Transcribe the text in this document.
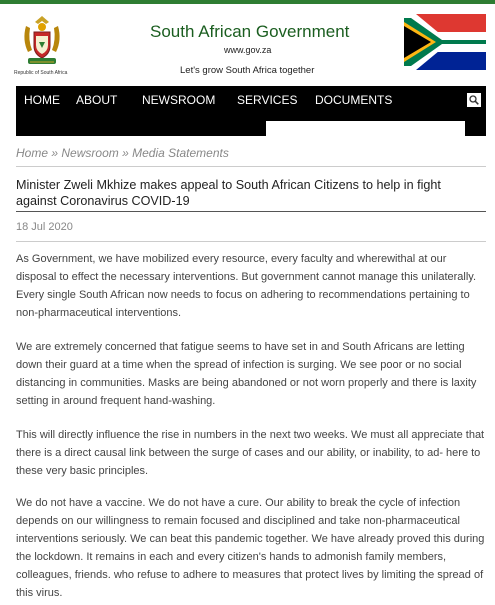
Republic of South Africa
South African Government
www.gov.za
Let's grow South Africa together
HOME ABOUT NEWSROOM SERVICES DOCUMENTS
Home » Newsroom » Media Statements
Minister Zweli Mkhize makes appeal to South African Citizens to help in fight against Coronavirus COVID-19
18 Jul 2020

As Government, we have mobilized every resource, every faculty and wherewithal at our disposal to effect the necessary interventions. But government cannot manage this unilaterally. Every single South African now needs to focus on adhering to recommendations pertaining to non-pharmaceutical interventions.

We are extremely concerned that fatigue seems to have set in and South Africans are letting down their guard at a time when the spread of infection is surging. We see poor or no social distancing in communities. Masks are being abandoned or not worn properly and there is laxity setting in around frequent hand-washing.

This will directly influence the rise in numbers in the next two weeks. We must all appreciate that there is a direct causal link between the surge of cases and our ability, or inability, to ad- here to these very basic principles.

We do not have a vaccine. We do not have a cure. Our ability to break the cycle of infection depends on our willingness to remain focused and disciplined and take non-pharmaceutical interventions seriously. We can beat this pandemic together. We have already proved this during the lockdown. It remains in each and every citizen's hands to admonish family members, colleagues, friends. who refuse to adhere to measures that protect lives by limiting the spread of this virus.
